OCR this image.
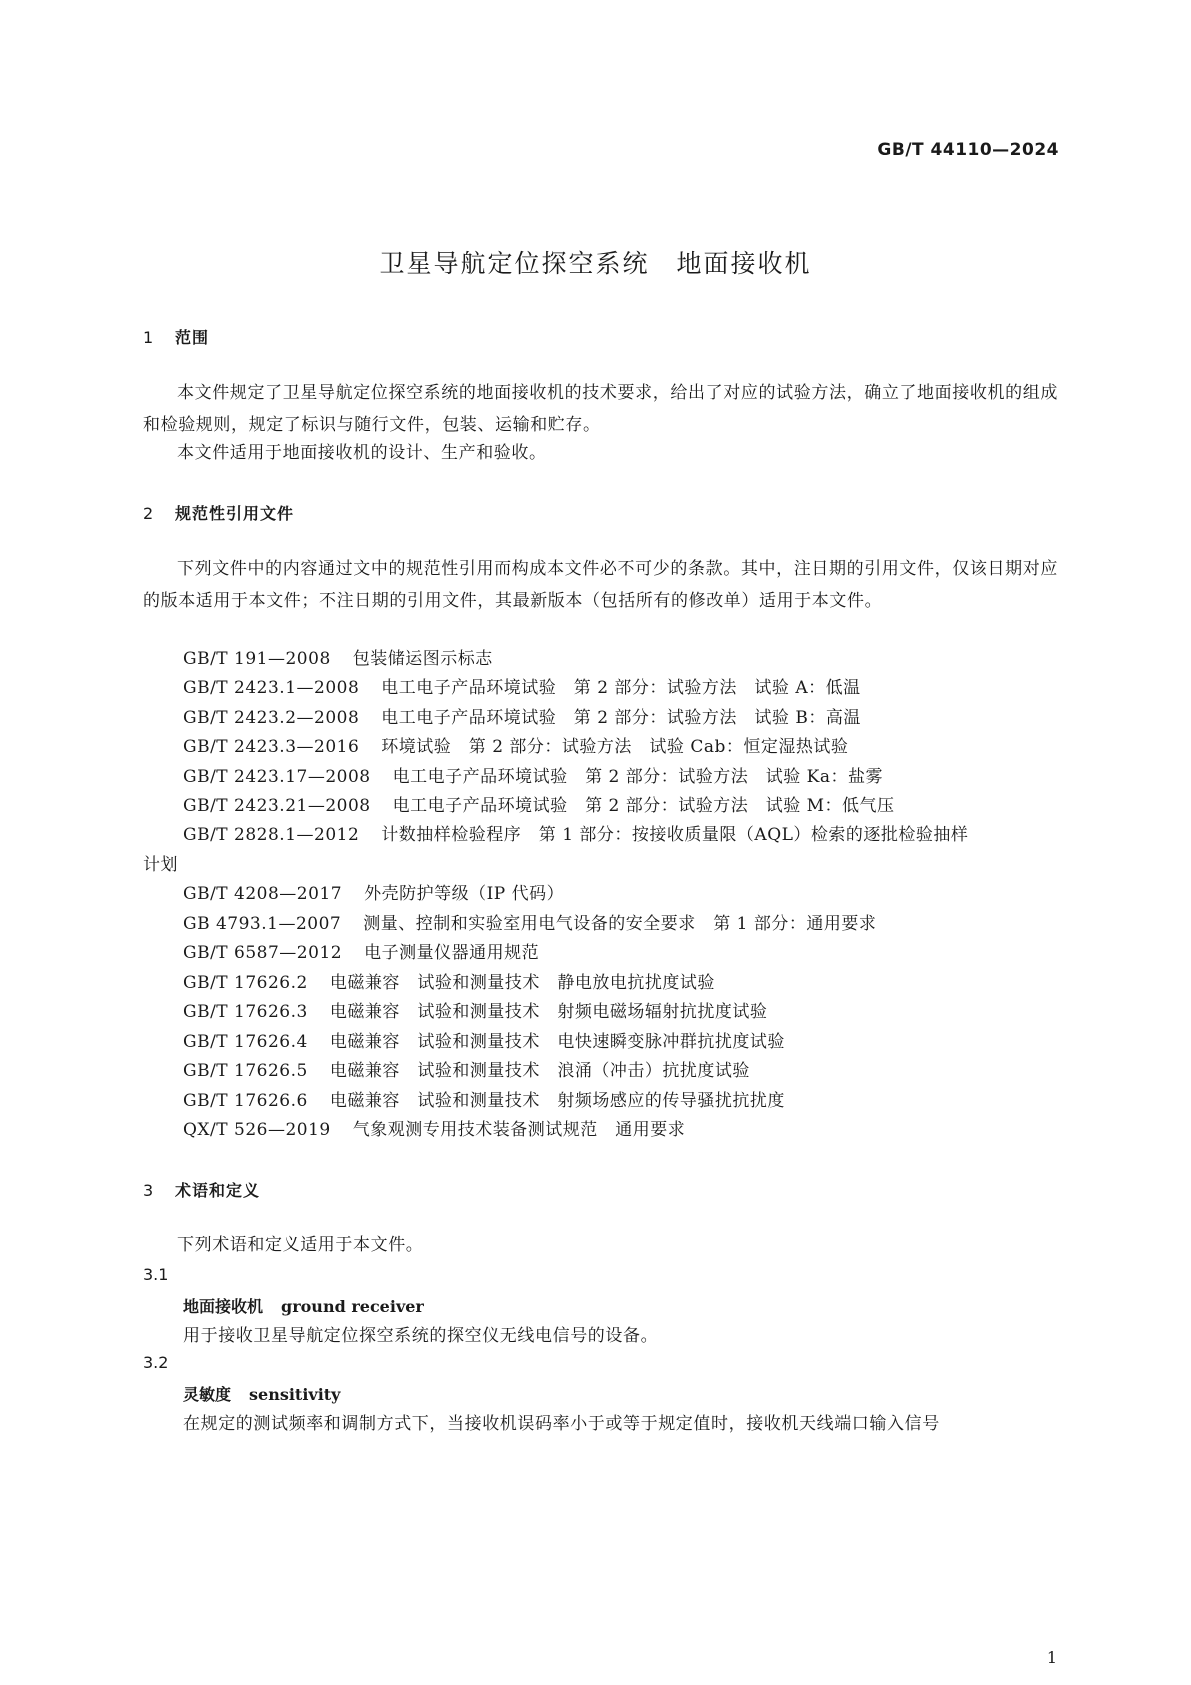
GB/T 44110—2024
卫星导航定位探空系统　地面接收机
1 范围
本文件规定了卫星导航定位探空系统的地面接收机的技术要求，给出了对应的试验方法，确立了地面接收机的组成和检验规则，规定了标识与随行文件，包装、运输和贮存。
本文件适用于地面接收机的设计、生产和验收。
2 规范性引用文件
下列文件中的内容通过文中的规范性引用而构成本文件必不可少的条款。其中，注日期的引用文件，仅该日期对应的版本适用于本文件；不注日期的引用文件，其最新版本（包括所有的修改单）适用于本文件。
GB/T 191—2008 包装储运图示标志
GB/T 2423.1—2008 电工电子产品环境试验　第 2 部分：试验方法　试验 A：低温
GB/T 2423.2—2008 电工电子产品环境试验　第 2 部分：试验方法　试验 B：高温
GB/T 2423.3—2016 环境试验　第 2 部分：试验方法　试验 Cab：恒定湿热试验
GB/T 2423.17—2008 电工电子产品环境试验　第 2 部分：试验方法　试验 Ka：盐雾
GB/T 2423.21—2008 电工电子产品环境试验　第 2 部分：试验方法　试验 M：低气压
GB/T 2828.1—2012 计数抽样检验程序　第 1 部分：按接收质量限（AQL）检索的逐批检验抽样
计划
GB/T 4208—2017 外壳防护等级（IP 代码）
GB 4793.1—2007 测量、控制和实验室用电气设备的安全要求　第 1 部分：通用要求
GB/T 6587—2012 电子测量仪器通用规范
GB/T 17626.2 电磁兼容　试验和测量技术　静电放电抗扰度试验
GB/T 17626.3 电磁兼容　试验和测量技术　射频电磁场辐射抗扰度试验
GB/T 17626.4 电磁兼容　试验和测量技术　电快速瞬变脉冲群抗扰度试验
GB/T 17626.5 电磁兼容　试验和测量技术　浪涌（冲击）抗扰度试验
GB/T 17626.6 电磁兼容　试验和测量技术　射频场感应的传导骚扰抗扰度
QX/T 526—2019 气象观测专用技术装备测试规范　通用要求
3 术语和定义
下列术语和定义适用于本文件。
3.1
地面接收机 ground receiver
用于接收卫星导航定位探空系统的探空仪无线电信号的设备。
3.2
灵敏度 sensitivity
在规定的测试频率和调制方式下，当接收机误码率小于或等于规定值时，接收机天线端口输入信号
1
